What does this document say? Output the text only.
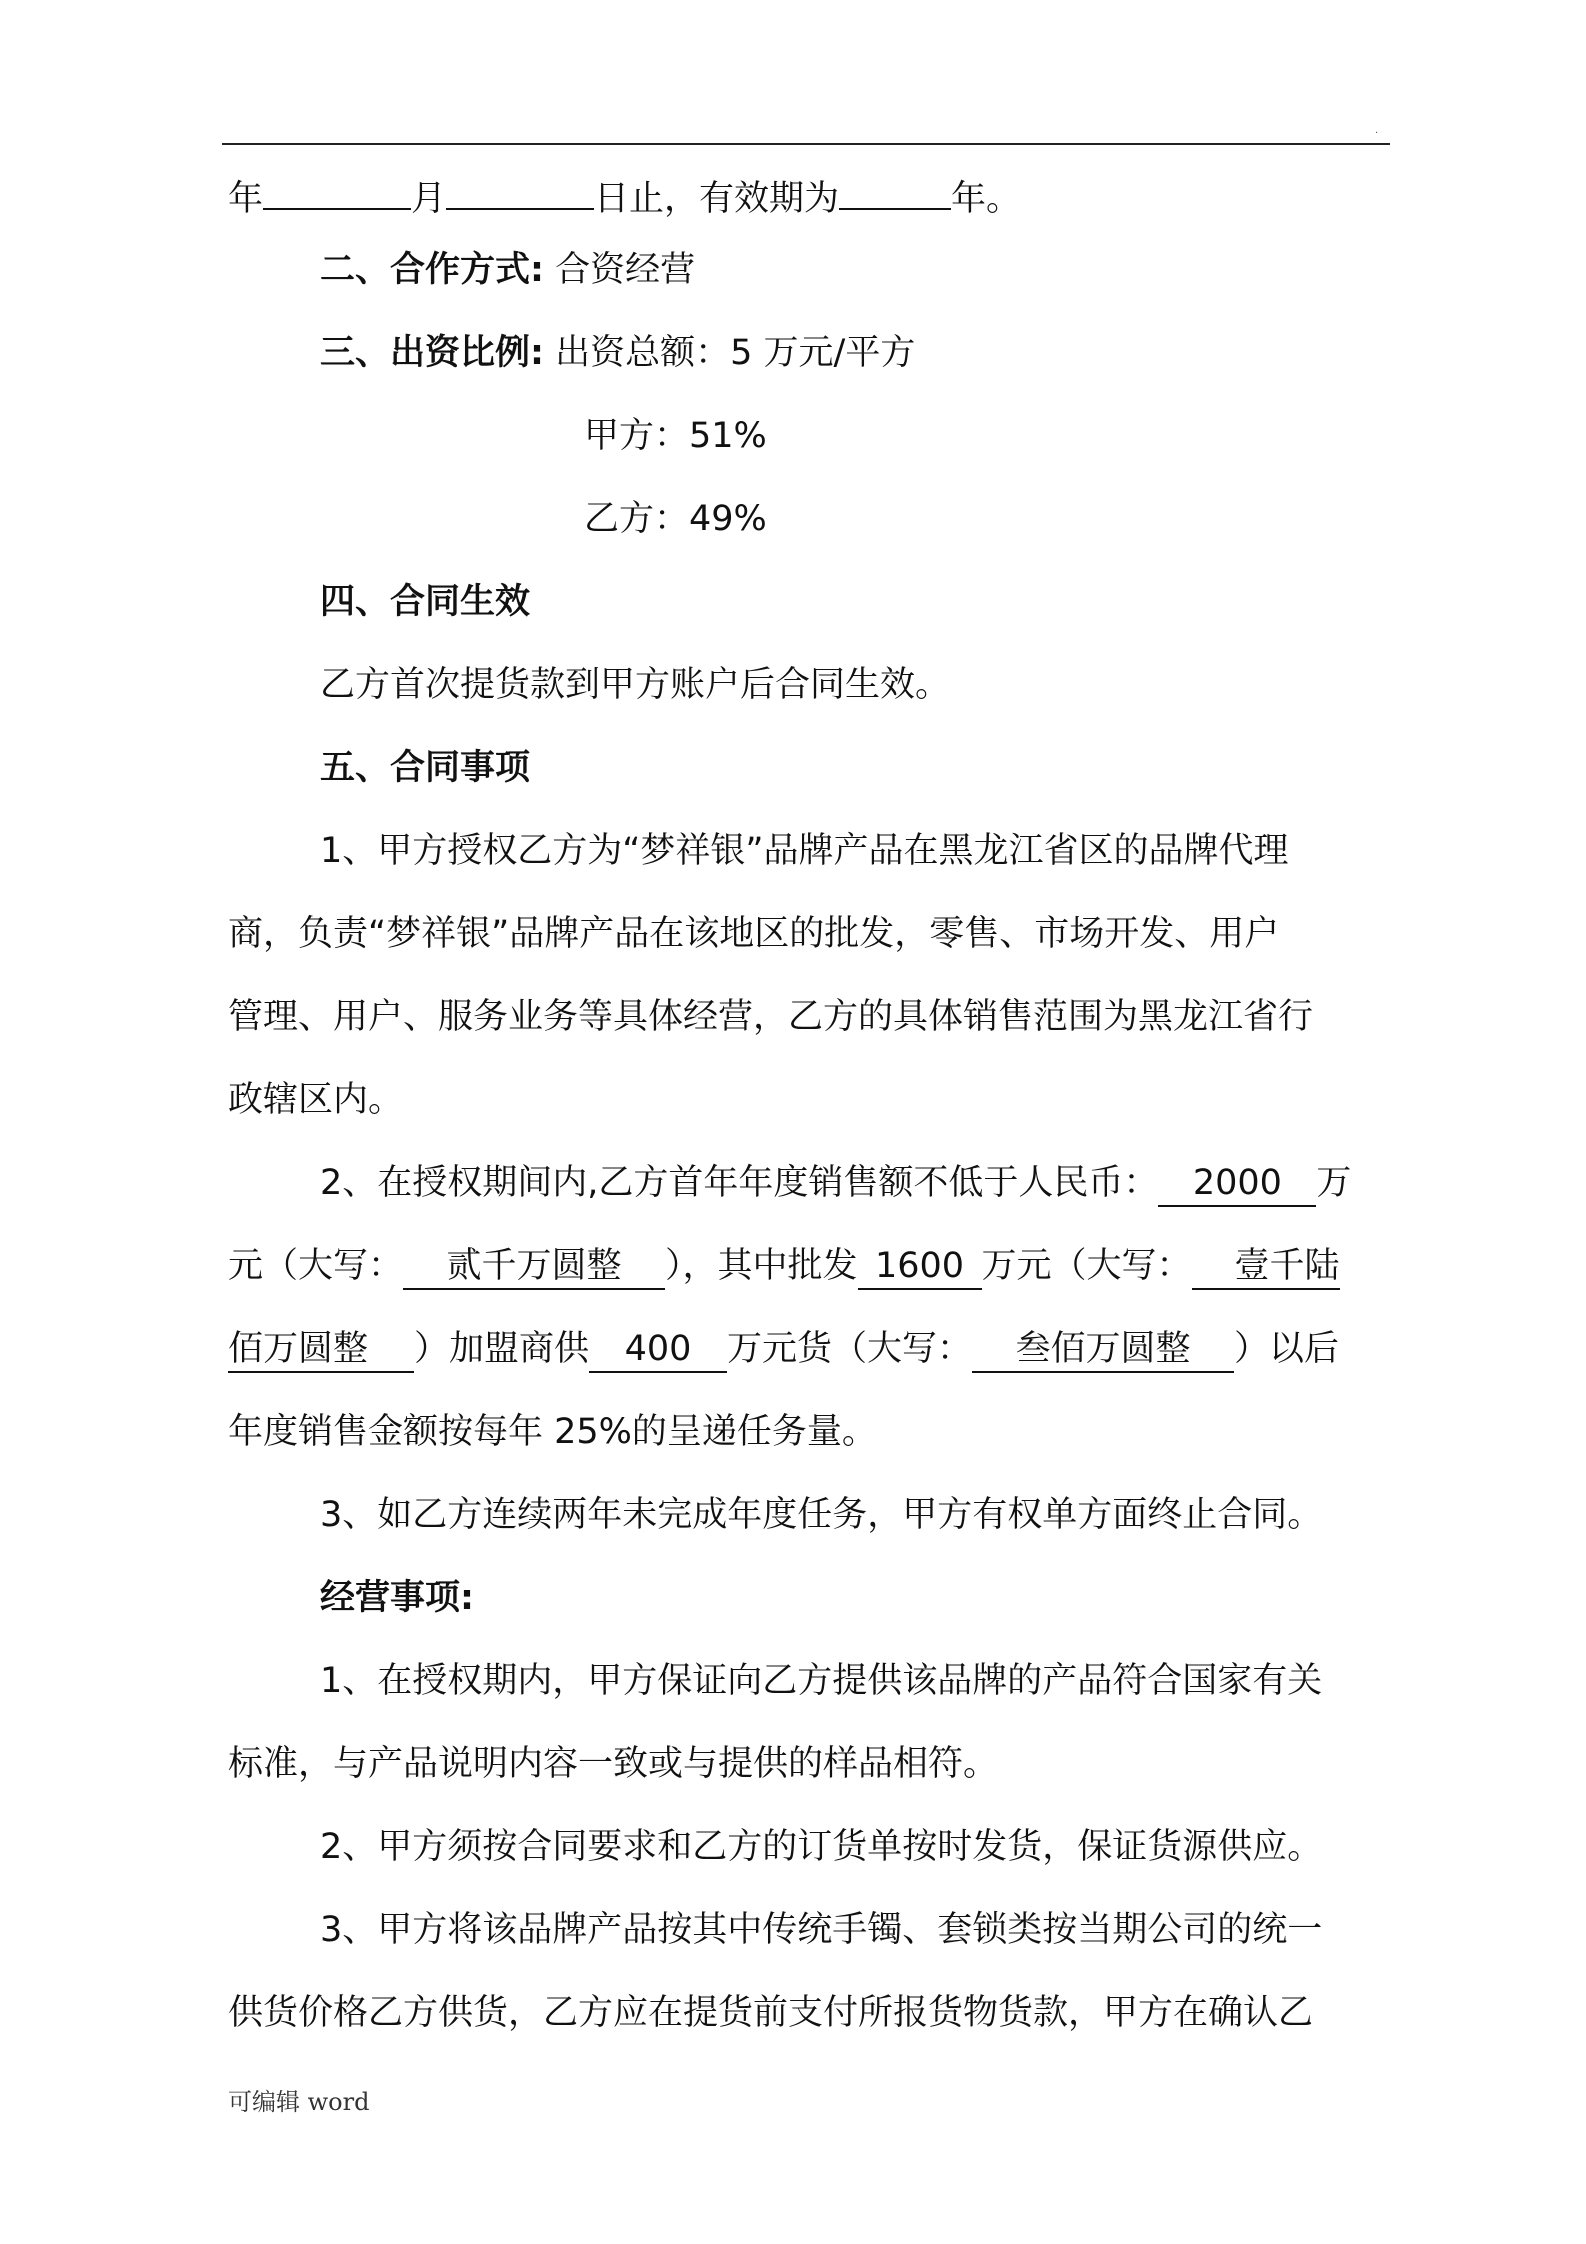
.
年	月	日止，有效期为	年。
二、合作方式: 合资经营
三、出资比例: 出资总额：5 万元/平方
甲方：51%
乙方：49%
四、合同生效
乙方首次提货款到甲方账户后合同生效。
五、合同事项
1、甲方授权乙方为“梦祥银”品牌产品在黑龙江省区的品牌代理
商，负责“梦祥银”品牌产品在该地区的批发，零售、市场开发、用户
管理、用户、服务业务等具体经营，乙方的具体销售范围为黑龙江省行
政辖区内。
2、在授权期间内,乙方首年年度销售额不低于人民币： 2000 万
元（大写： 贰千万圆整 ），其中批发 1600 万元（大写： 壹千陆
佰万圆整 ）加盟商供 400 万元货（大写： 叁佰万圆整 ）以后
年度销售金额按每年 25%的呈递任务量。
3、如乙方连续两年未完成年度任务，甲方有权单方面终止合同。
经营事项:
1、在授权期内，甲方保证向乙方提供该品牌的产品符合国家有关
标准，与产品说明内容一致或与提供的样品相符。
2、甲方须按合同要求和乙方的订货单按时发货，保证货源供应。
3、甲方将该品牌产品按其中传统手镯、套锁类按当期公司的统一
供货价格乙方供货，乙方应在提货前支付所报货物货款，甲方在确认乙
可编辑 word
